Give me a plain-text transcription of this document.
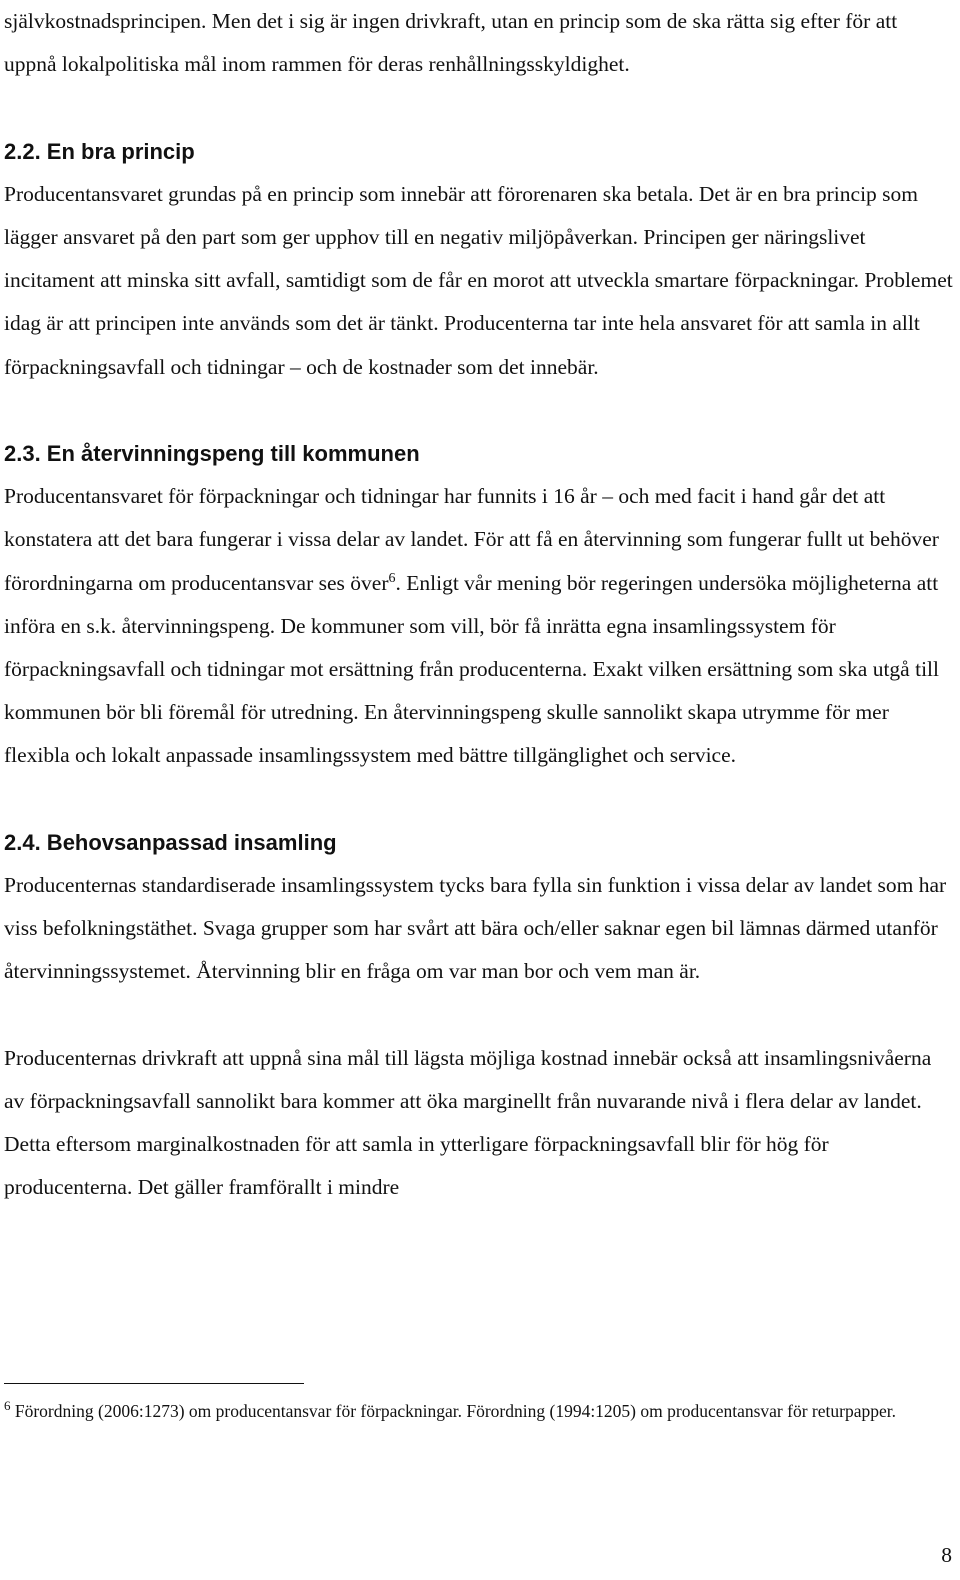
självkostnadsprincipen. Men det i sig är ingen drivkraft, utan en princip som de ska rätta sig efter för att uppnå lokalpolitiska mål inom rammen för deras renhållningsskyldighet.

2.2. En bra princip

Producentansvaret grundas på en princip som innebär att förorenaren ska betala. Det är en bra princip som lägger ansvaret på den part som ger upphov till en negativ miljöpåverkan. Principen ger näringslivet incitament att minska sitt avfall, samtidigt som de får en morot att utveckla smartare förpackningar. Problemet idag är att principen inte används som det är tänkt. Producenterna tar inte hela ansvaret för att samla in allt förpackningsavfall och tidningar – och de kostnader som det innebär.

2.3. En återvinningspeng till kommunen

Producentansvaret för förpackningar och tidningar har funnits i 16 år – och med facit i hand går det att konstatera att det bara fungerar i vissa delar av landet. För att få en återvinning som fungerar fullt ut behöver förordningarna om producentansvar ses över$^6$. Enligt vår mening bör regeringen undersöka möjligheterna att införa en s.k. återvinningspeng. De kommuner som vill, bör få inrätta egna insamlingssystem för förpackningsavfall och tidningar mot ersättning från producenterna. Exakt vilken ersättning som ska utgå till kommunen bör bli föremål för utredning. En återvinningspeng skulle sannolikt skapa utrymme för mer flexibla och lokalt anpassade insamlingssystem med bättre tillgänglighet och service.

2.4. Behovsanpassad insamling

Producenternas standardiserade insamlingssystem tycks bara fylla sin funktion i vissa delar av landet som har viss befolkningstäthet. Svaga grupper som har svårt att bära och/eller saknar egen bil lämnas därmed utanför återvinningssystemet. Återvinning blir en fråga om var man bor och vem man är.

Producenternas drivkraft att uppnå sina mål till lägsta möjliga kostnad innebär också att insamlingsnivåerna av förpackningsavfall sannolikt bara kommer att öka marginellt från nuvarande nivå i flera delar av landet. Detta eftersom marginalkostnaden för att samla in ytterligare förpackningsavfall blir för hög för producenterna. Det gäller framförallt i mindre

$^6$ Förordning (2006:1273) om producentansvar för förpackningar. Förordning (1994:1205) om producentansvar för returpapper.

8
